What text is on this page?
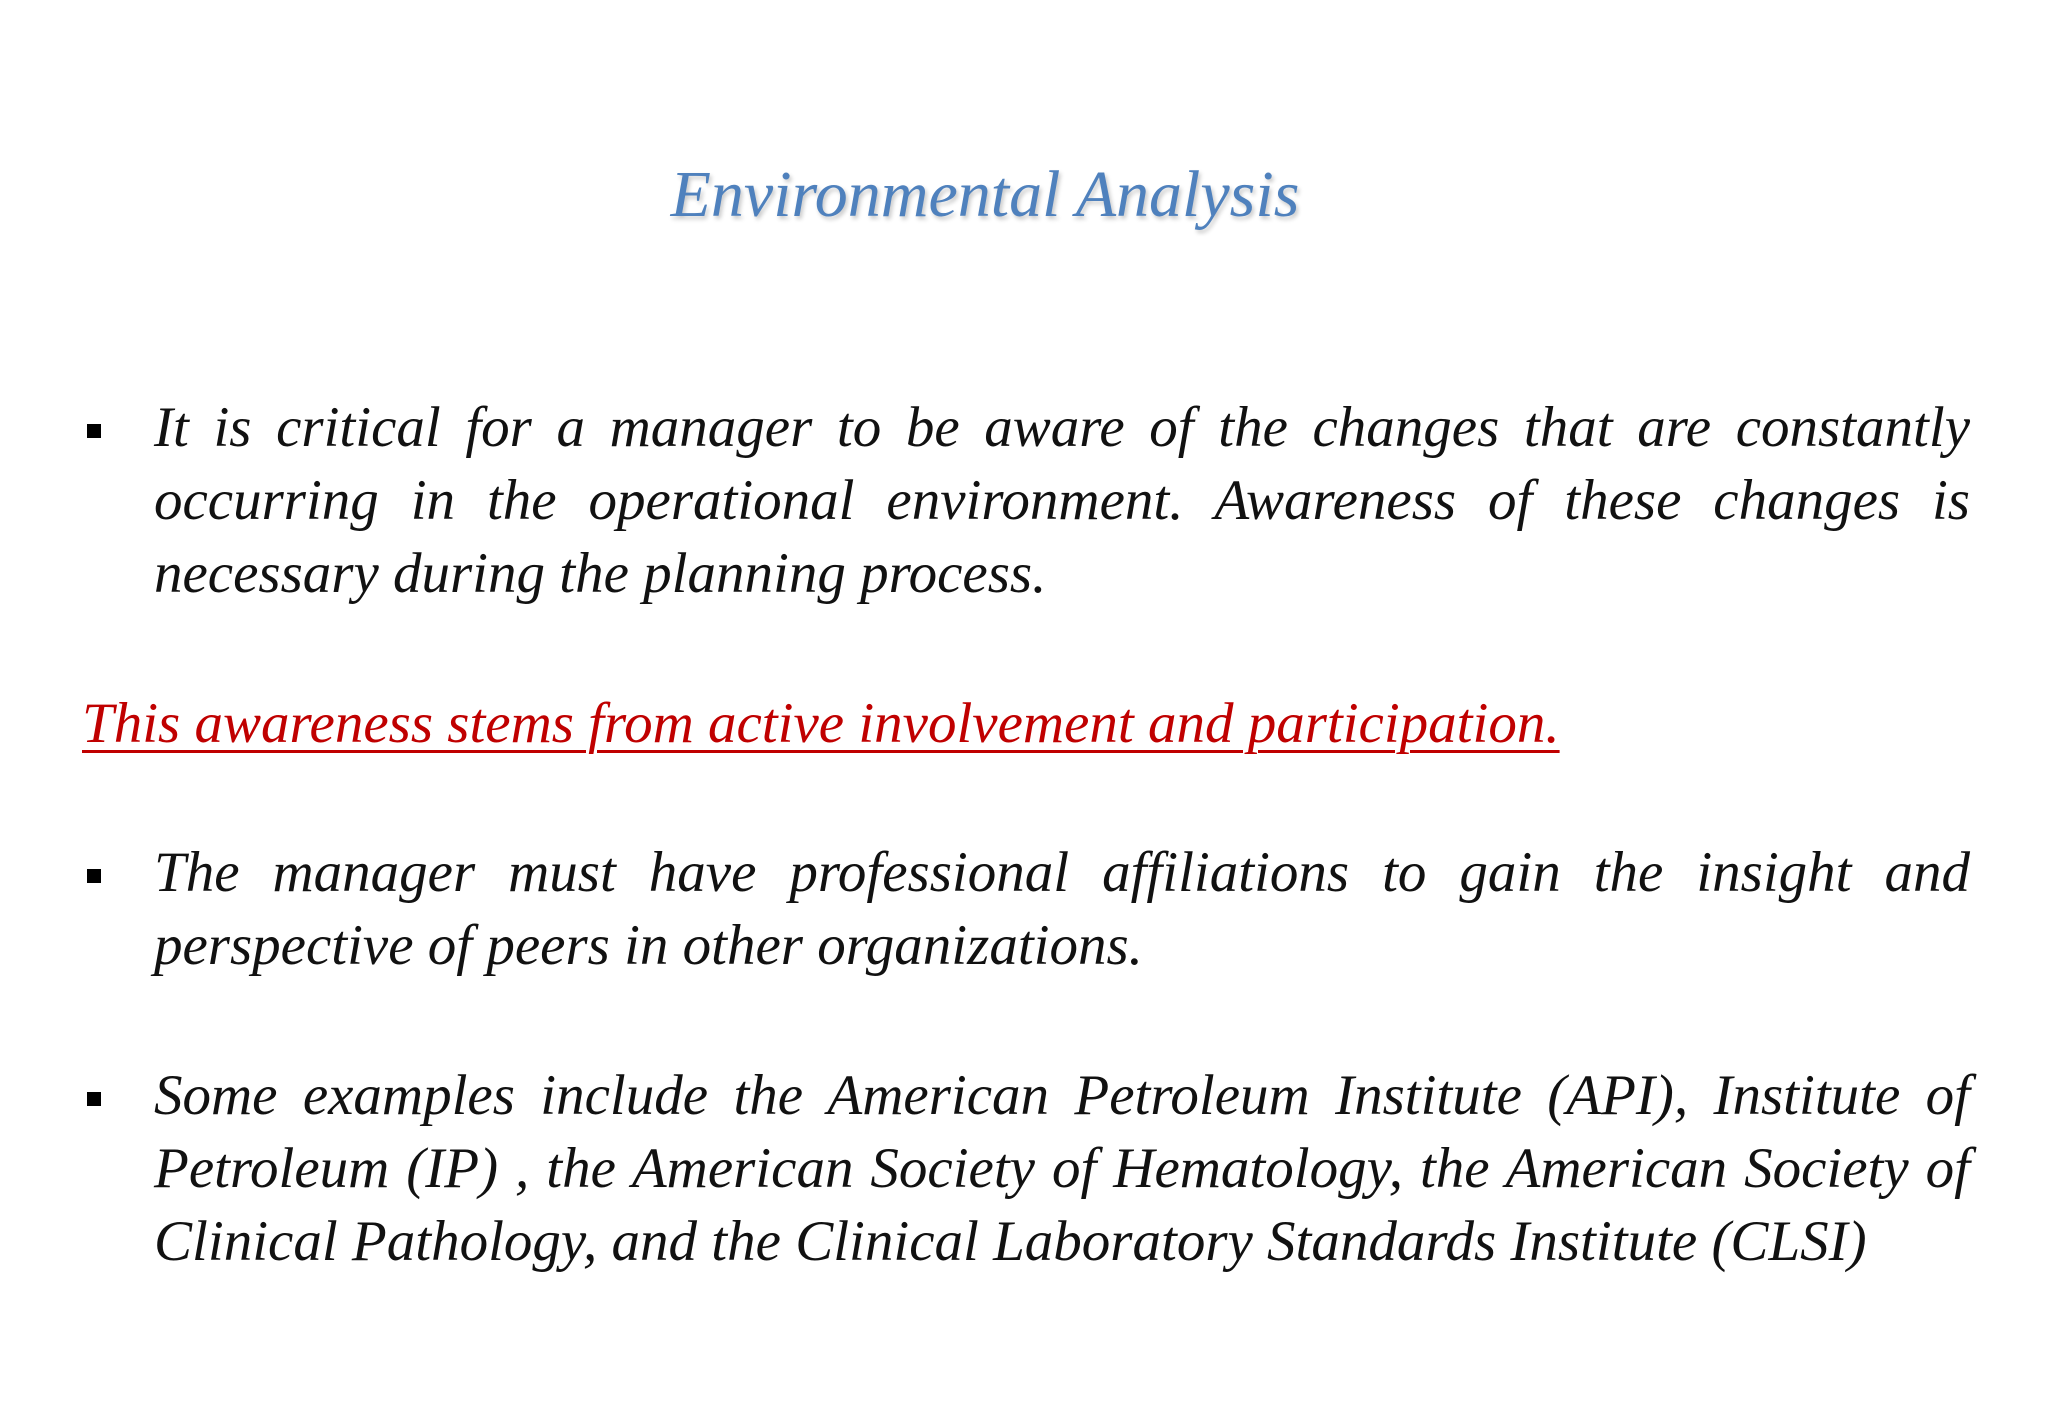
Environmental Analysis
It is critical for a manager to be aware of the changes that are constantly occurring in the operational environment. Awareness of these changes is necessary during the planning process.
This awareness stems from active involvement and participation.
The manager must have professional affiliations to gain the insight and perspective of peers in other organizations.
Some examples include the American Petroleum Institute (API), Institute of Petroleum (IP) , the American Society of Hematology, the American Society of Clinical Pathology, and the Clinical Laboratory Standards Institute (CLSI)
